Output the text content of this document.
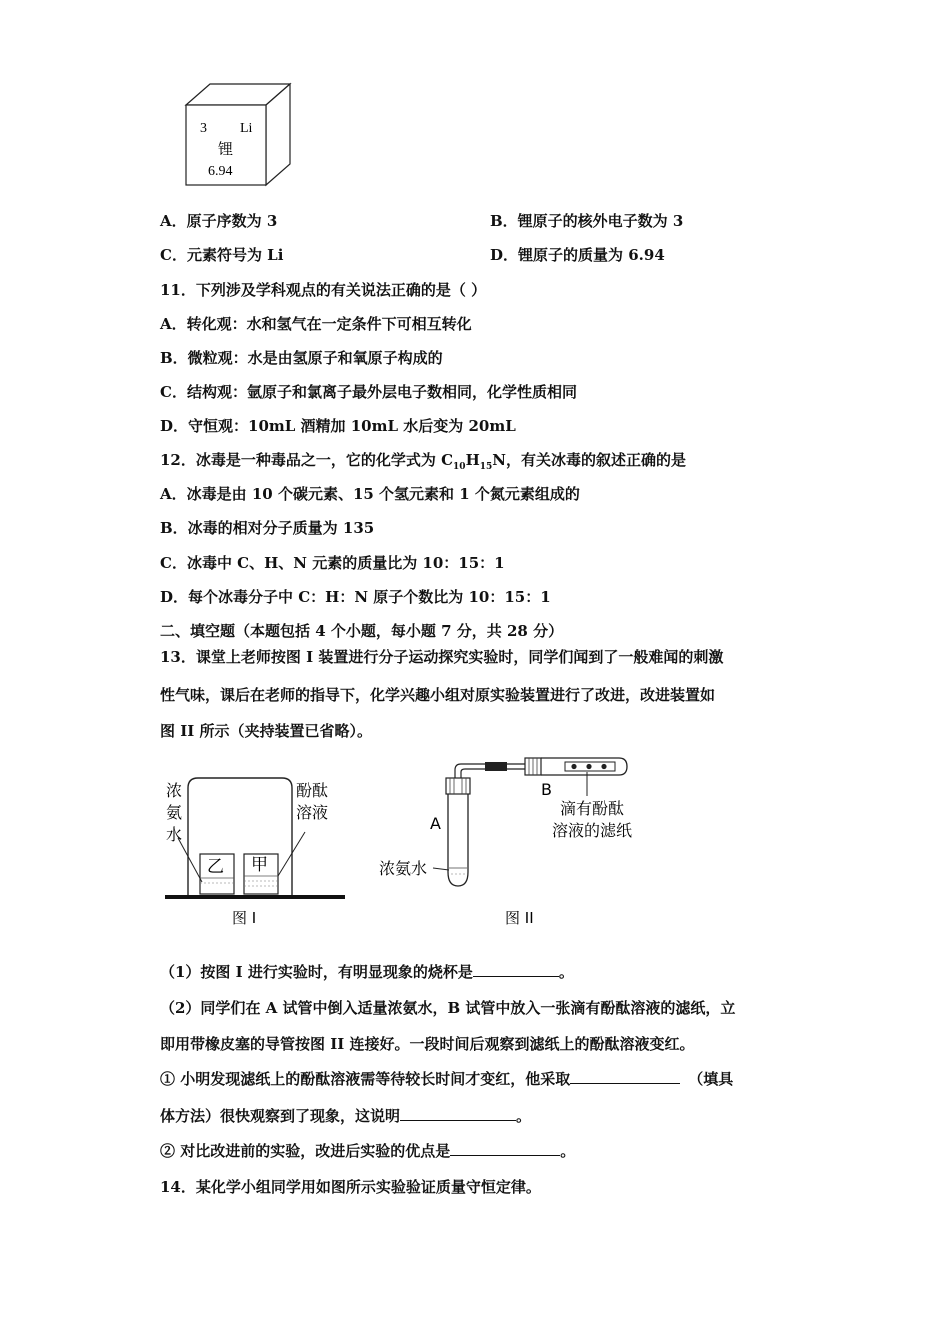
3 Li
锂
6.94
A．原子序数为 3	B．锂原子的核外电子数为 3
C．元素符号为 Li	D．锂原子的质量为 6.94
11．下列涉及学科观点的有关说法正确的是（ ）
A．转化观：水和氢气在一定条件下可相互转化
B．微粒观：水是由氢原子和氧原子构成的
C．结构观：氩原子和氯离子最外层电子数相同，化学性质相同
D．守恒观：10mL 酒精加 10mL 水后变为 20mL
12．冰毒是一种毒品之一，它的化学式为 $C_{10}H_{15}N$，有关冰毒的叙述正确的是
A．冰毒是由 10 个碳元素、15 个氢元素和 1 个氮元素组成的
B．冰毒的相对分子质量为 135
C．冰毒中 C、H、N 元素的质量比为 10：15：1
D．每个冰毒分子中 C：H：N 原子个数比为 10：15：1
二、填空题（本题包括 4 个小题，每小题 7 分，共 28 分）
13．课堂上老师按图 I 装置进行分子运动探究实验时，同学们闻到了一般难闻的刺激
性气味，课后在老师的指导下，化学兴趣小组对原实验装置进行了改进，改进装置如
图 II 所示（夹持装置已省略）。
浓
氨
水
酚酞
溶液
乙 甲
图 I
A
B
滴有酚酞
溶液的滤纸
浓氨水
图 II
（1）按图 I 进行实验时，有明显现象的烧杯是	。
（2）同学们在 A 试管中倒入适量浓氨水，B 试管中放入一张滴有酚酞溶液的滤纸，立
即用带橡皮塞的导管按图 II 连接好。一段时间后观察到滤纸上的酚酞溶液变红。
① 小明发现滤纸上的酚酞溶液需等待较长时间才变红，他采取	（填具
体方法）很快观察到了现象，这说明	。
② 对比改进前的实验，改进后实验的优点是	。
14．某化学小组同学用如图所示实验验证质量守恒定律。
